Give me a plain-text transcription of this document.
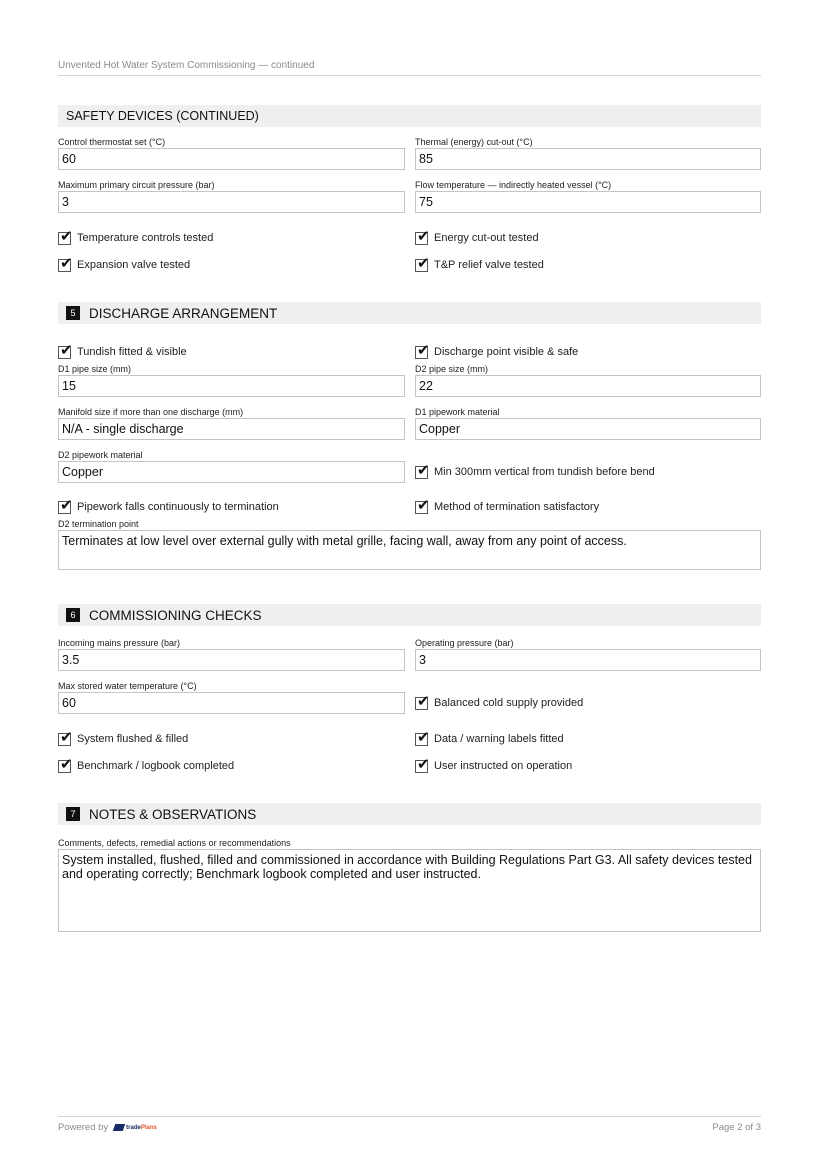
Unvented Hot Water System Commissioning — continued
SAFETY DEVICES (CONTINUED)
Control thermostat set (°C)
60
Thermal (energy) cut-out (°C)
85
Maximum primary circuit pressure (bar)
3
Flow temperature — indirectly heated vessel (°C)
75
✔ Temperature controls tested	✔ Energy cut-out tested
✔ Expansion valve tested	✔ T&P relief valve tested
5	DISCHARGE ARRANGEMENT
✔ Tundish fitted & visible	✔ Discharge point visible & safe
D1 pipe size (mm)
15
D2 pipe size (mm)
22
Manifold size if more than one discharge (mm)
N/A - single discharge
D1 pipework material
Copper
D2 pipework material
Copper	✔ Min 300mm vertical from tundish before bend
✔ Pipework falls continuously to termination	✔ Method of termination satisfactory
D2 termination point
Terminates at low level over external gully with metal grille, facing wall, away from any point of access.
6	COMMISSIONING CHECKS
Incoming mains pressure (bar)
3.5
Operating pressure (bar)
3
Max stored water temperature (°C)
60	✔ Balanced cold supply provided
✔ System flushed & filled	✔ Data / warning labels fitted
✔ Benchmark / logbook completed	✔ User instructed on operation
7	NOTES & OBSERVATIONS
Comments, defects, remedial actions or recommendations
System installed, flushed, filled and commissioned in accordance with Building Regulations Part G3. All safety devices tested and operating correctly; Benchmark logbook completed and user instructed.
Powered by	tradePlans	Page 2 of 3
